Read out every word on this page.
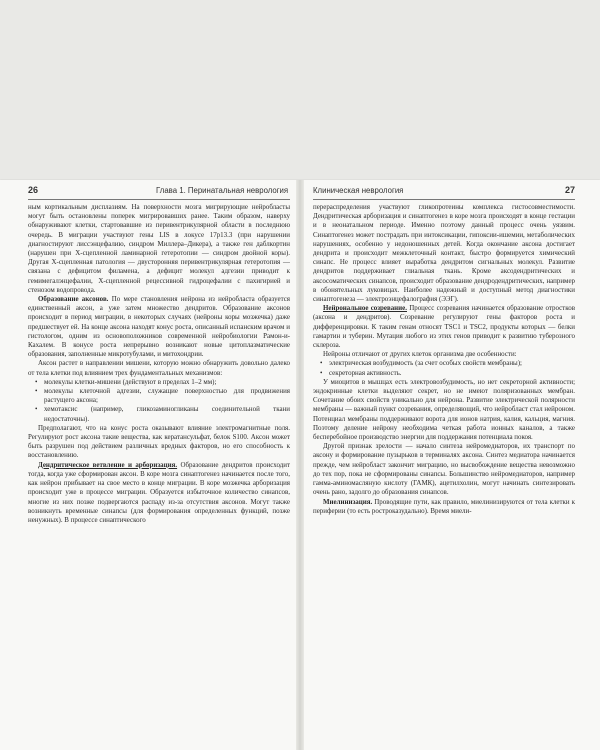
26	Глава 1. Перинатальная неврология	Клиническая неврология	27

ным кортикальным дисплазиям. На поверхности мозга мигрирующие нейробласты могут быть остановлены поперек мигрировавших ранее. Таким образом, наверху обнаруживают клетки, стартовавшие из перивентрикулярной области в последнюю очередь. В миграции участвуют гены LIS в локусе 17p13.3 (при нарушении диагностируют лиссэнцефалию, синдром Миллера–Дикера), а также ген даблкортин (нарушен при X-сцепленной ламинарной гетеротопии — синдром двойной коры). Другая X-сцепленная патология — двусторонняя перивентрикулярная гетеротопия — связана с дефицитом филамена, а дефицит молекул адгезии приводит к гемимегалэнцефалии, X-сцепленной рецессивной гидроцефалии с пахигирией и стенозом водопровода.

Образование аксонов. По мере становления нейрона из нейробласта образуется единственный аксон, а уже затем множество дендритов. Образование аксонов происходит в период миграции, в некоторых случаях (нейроны коры мозжечка) даже предшествует ей. На конце аксона находят конус роста, описанный испанским врачом и гистологом, одним из основоположников современной нейробиологии Рамон-и-Кахалем. В конусе роста непрерывно возникают новые цитоплазматические образования, заполненные микротубулами, и митохондрии.

Аксон растет в направлении мишени, которую можно обнаружить довольно далеко от тела клетки под влиянием трех фундаментальных механизмов:

• молекулы клетки-мишени (действуют в пределах 1–2 мм);
• молекулы клеточной адгезии, служащие поверхностью для продвижения растущего аксона;
• хемотаксис (например, гликозаминогликаны соединительной ткани недостаточны).

Предполагают, что на конус роста оказывают влияние электромагнитные поля. Регулируют рост аксона такие вещества, как кератансульфат, белок S100. Аксон может быть разрушен под действием различных вредных факторов, но его способность к восстановлению.

Дендритическое ветвление и арборизация. Образование дендритов происходит тогда, когда уже сформирован аксон. В коре мозга синаптогенез начинается после того, как нейрон прибывает на свое место в конце миграции. В коре мозжечка арборизация происходит уже в процессе миграции. Образуется избыточное количество синапсов, многие из них позже подвергаются распаду из-за отсутствия аксонов. Могут также возникнуть временные синапсы (для формирования определенных функций, позже ненужных). В процессе синаптического

перераспределения участвуют гликопротеины комплекса гистосовместимости. Дендритическая арборизация и синаптогенез в коре мозга происходят в конце гестации и в неонатальном периоде. Именно поэтому данный процесс очень уязвим. Синаптогенез может пострадать при интоксикации, гипоксии-ишемии, метаболических нарушениях, особенно у недоношенных детей. Когда окончание аксона достигает дендрита и происходит межклеточный контакт, быстро формируется химический синапс. Не процесс влияет выработка дендритом сигнальных молекул. Развитие дендритов поддерживает глиальная ткань. Кроме аксодендритических и аксосоматических синапсов, происходит образование дендродендритических, например в обонятельных луковицах. Наиболее надежный и доступный метод диагностики синаптогенеза — электроэнцефалография (ЭЭГ).

Нейрональное созревание. Процесс созревания начинается образование отростков (аксона и дендритов). Созревание регулируют гены факторов роста и дифференцировки. К таким генам относят TSC1 и TSC2, продукты которых — белки гамартин и туберин. Мутация любого из этих генов приводит к развитию туберозного склероза.

Нейроны отличают от других клеток организма две особенности:

• электрическая возбудимость (за счет особых свойств мембраны);
• секреторная активность.

У миоцитов в мышцах есть электровозбудимость, но нет секреторной активности; эндокринные клетки выделяют секрет, но не имеют поляризованных мембран. Сочетание обоих свойств уникально для нейрона. Развитие электрической полярности мембраны — важный пункт созревания, определяющий, что нейробласт стал нейроном. Потенциал мембраны поддерживают ворота для ионов натрия, калия, кальция, магния. Поэтому деление нейрону необходима четкая работа ионных каналов, а также бесперебойное производство энергии для поддержания потенциала покоя.

Другой признак зрелости — начало синтеза нейромедиаторов, их транспорт по аксону и формирование пузырьков в терминалях аксона. Синтез медиатора начинается прежде, чем нейробласт закончит миграцию, но высвобождение вещества невозможно до тех пор, пока не сформированы синапсы. Большинство нейромедиаторов, например гамма-аминомасляную кислоту (ГАМК), ацетилхолин, могут начинать синтезировать очень рано, задолго до образования синапсов.

Миелинизация. Проводящие пути, как правило, миелинизируются от тела клетки к периферии (то есть ростроказудально). Время миели-
